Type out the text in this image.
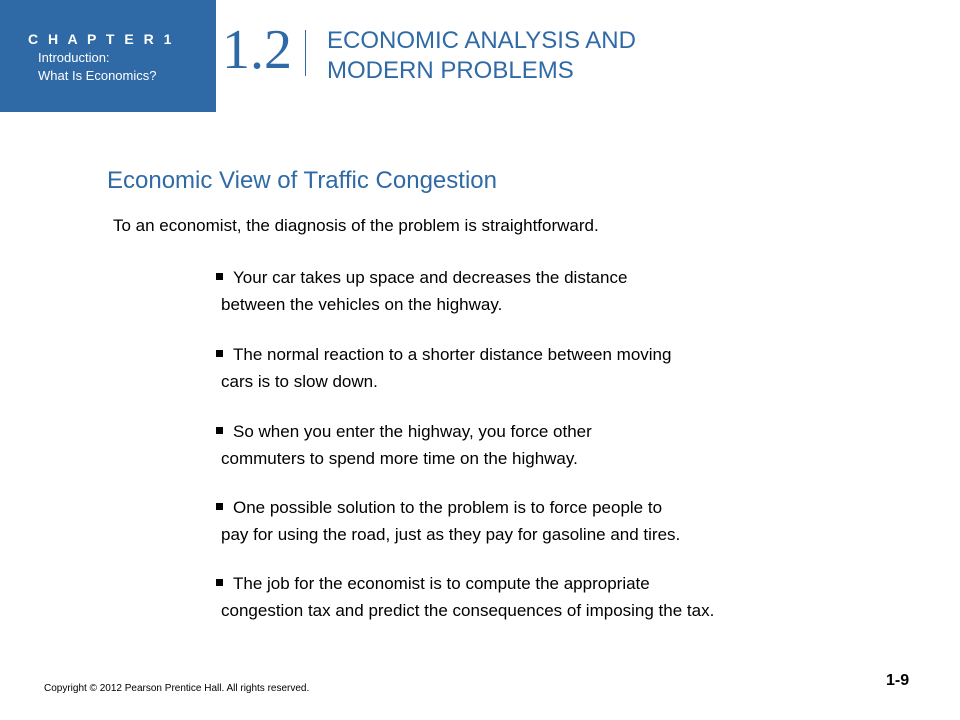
C H A P T E R 1
Introduction:
What Is Economics? 1.2 ECONOMIC ANALYSIS AND
MODERN PROBLEMS
Economic View of Traffic Congestion
To an economist, the diagnosis of the problem is straightforward.
Your car takes up space and decreases the distance
between the vehicles on the highway.
The normal reaction to a shorter distance between moving
cars is to slow down.
So when you enter the highway, you force other
commuters to spend more time on the highway.
One possible solution to the problem is to force people to
pay for using the road, just as they pay for gasoline and tires.
The job for the economist is to compute the appropriate
congestion tax and predict the consequences of imposing the tax.
Copyright © 2012 Pearson Prentice Hall. All rights reserved.	1-9
